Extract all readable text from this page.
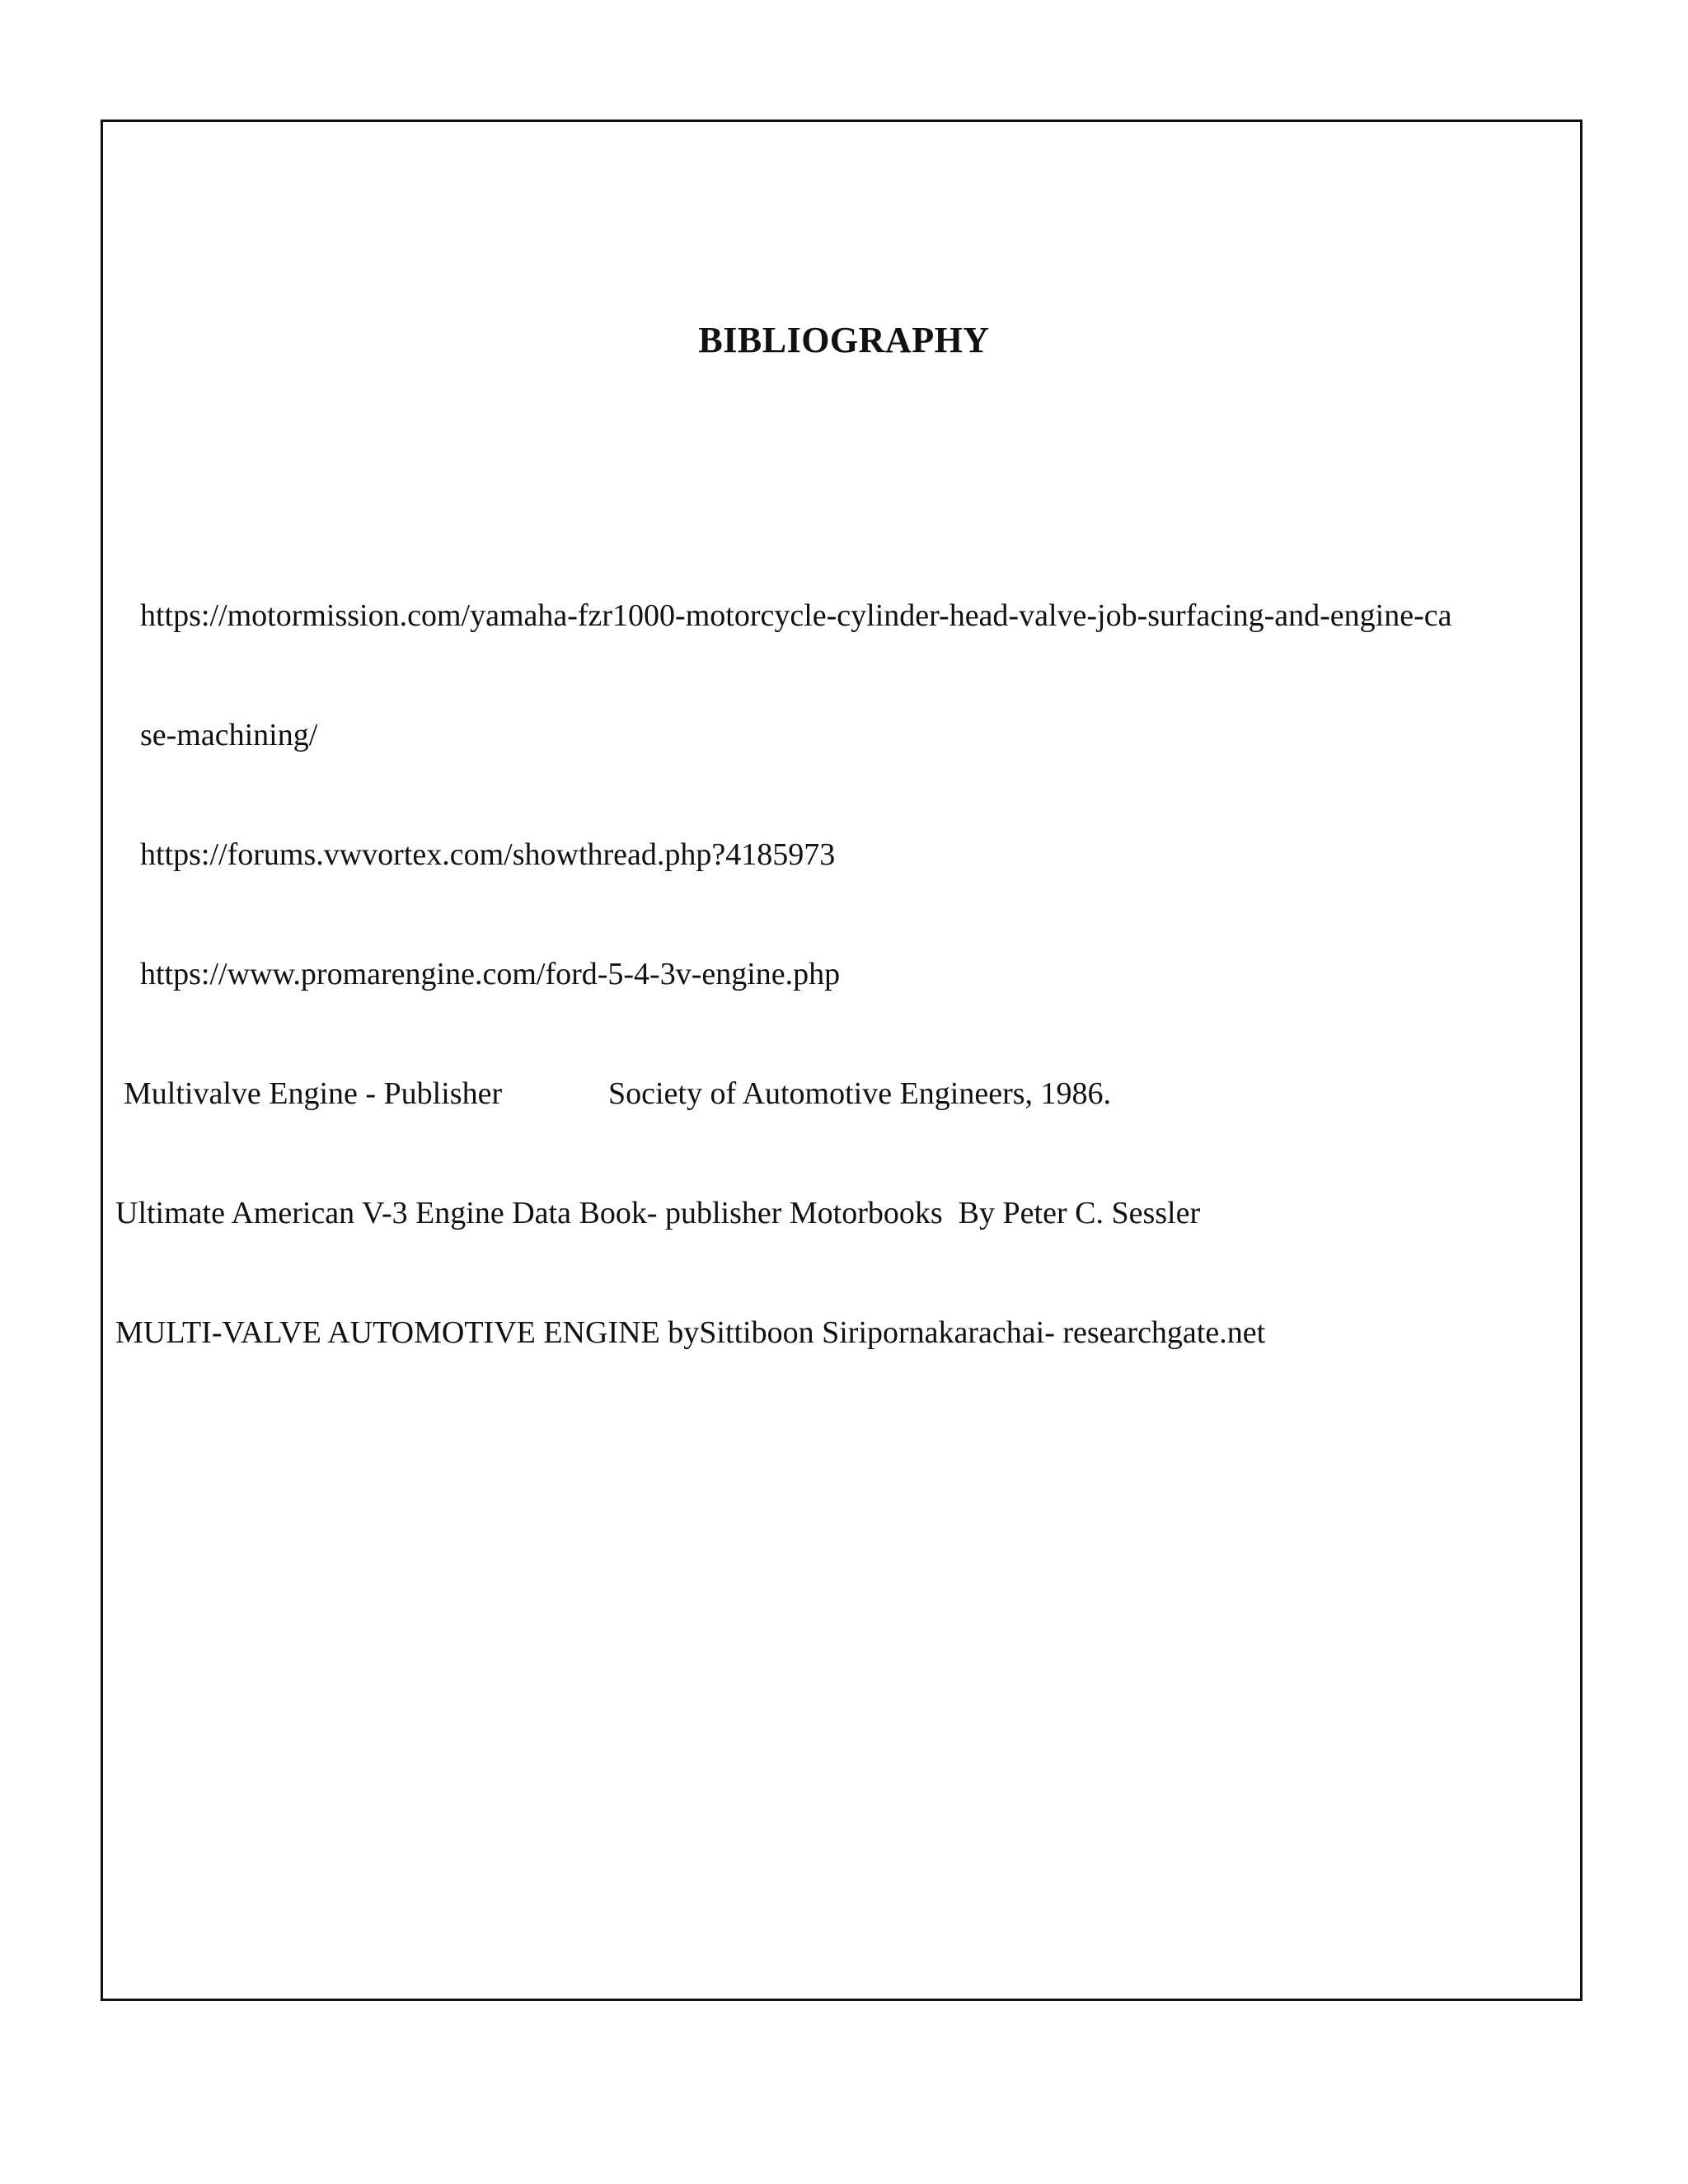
BIBLIOGRAPHY
https://motormission.com/yamaha-fzr1000-motorcycle-cylinder-head-valve-job-surfacing-and-engine-ca
se-machining/
https://forums.vwvortex.com/showthread.php?4185973
https://www.promarengine.com/ford-5-4-3v-engine.php
Multivalve Engine - Publisher	Society of Automotive Engineers, 1986.
Ultimate American V-3 Engine Data Book- publisher Motorbooks  By Peter C. Sessler
MULTI-VALVE AUTOMOTIVE ENGINE bySittiboon Siripornakarachai- researchgate.net
